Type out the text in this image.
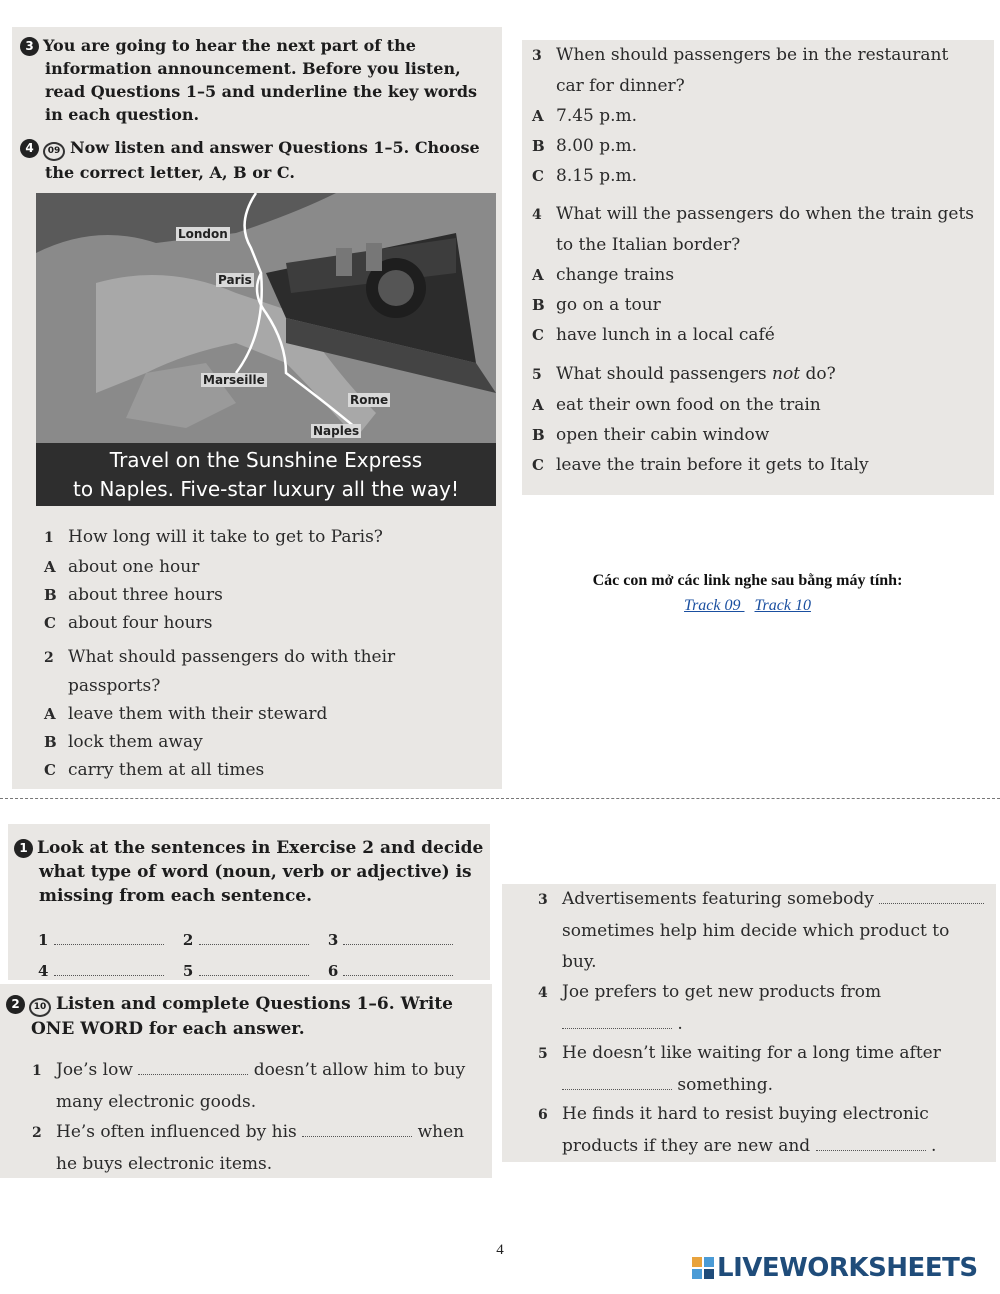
3 You are going to hear the next part of the
information announcement. Before you listen,
read Questions 1–5 and underline the key words
in each question.
4 09 Now listen and answer Questions 1–5. Choose
the correct letter, A, B or C.
London
Paris
Marseille
Rome
Naples
Travel on the Sunshine Express
to Naples. Five-star luxury all the way!
1 How long will it take to get to Paris?
A about one hour
B about three hours
C about four hours
2 What should passengers do with their
passports?
A leave them with their steward
B lock them away
C carry them at all times
3 When should passengers be in the restaurant
car for dinner?
A 7.45 p.m.
B 8.00 p.m.
C 8.15 p.m.
4 What will the passengers do when the train gets
to the Italian border?
A change trains
B go on a tour
C have lunch in a local café
5 What should passengers not do?
A eat their own food on the train
B open their cabin window
C leave the train before it gets to Italy
Các con mở các link nghe sau bằng máy tính:
Track 09 Track 10
1 Look at the sentences in Exercise 2 and decide
what type of word (noun, verb or adjective) is
missing from each sentence.
1	2	3
4	5	6
2 10 Listen and complete Questions 1–6. Write
ONE WORD for each answer.
1 Joe’s low	doesn’t allow him to buy
many electronic goods.
2 He’s often influenced by his	when
he buys electronic items.
3 Advertisements featuring somebody
sometimes help him decide which product to
buy.
4 Joe prefers to get new products from
.
5 He doesn’t like waiting for a long time after
something.
6 He finds it hard to resist buying electronic
products if they are new and	.
4
LIVEWORKSHEETS
